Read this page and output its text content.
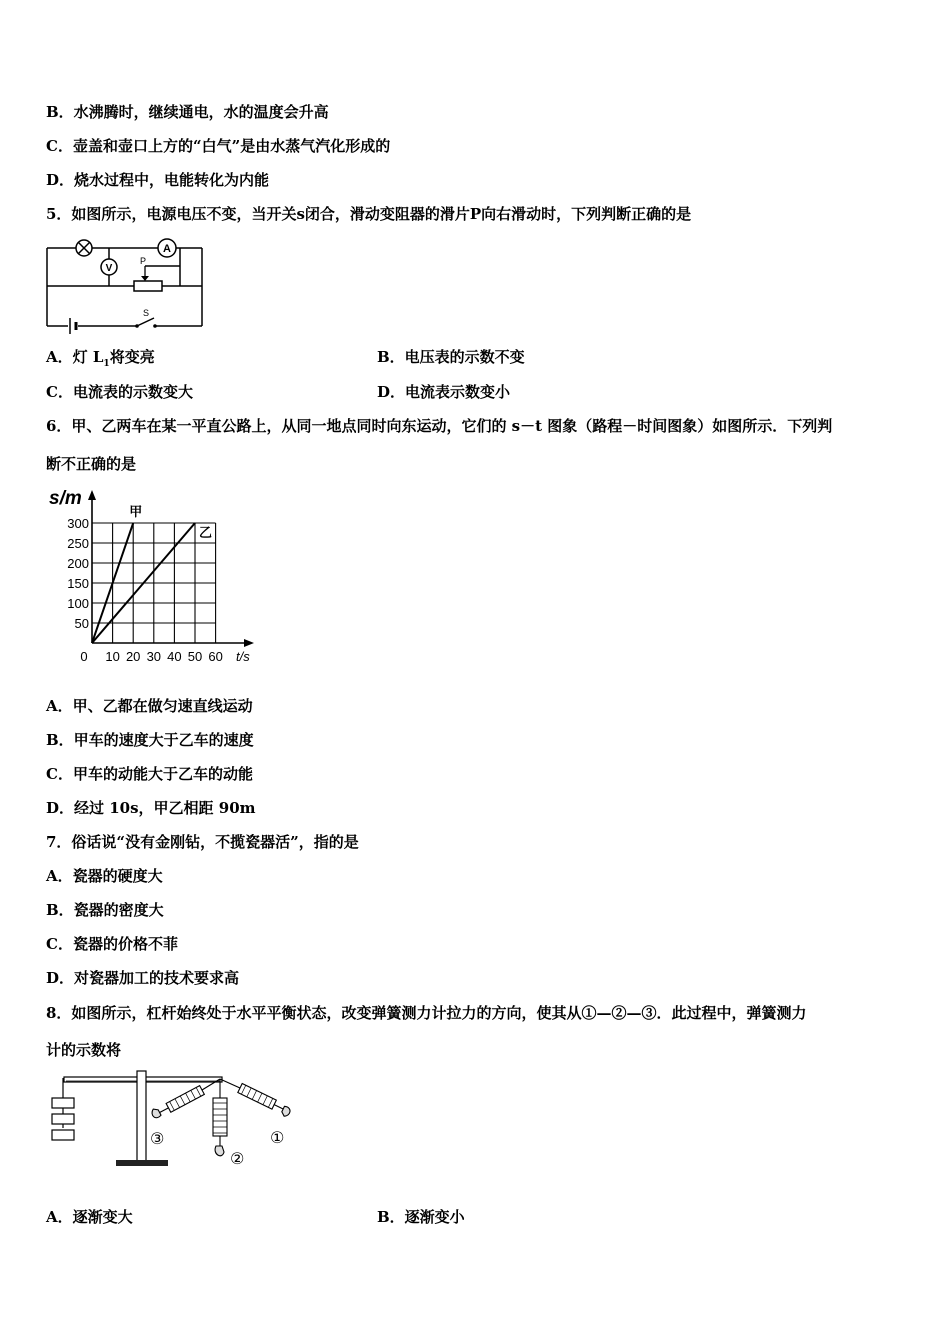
B．水沸腾时，继续通电，水的温度会升高
C．壶盖和壶口上方的“白气”是由水蒸气汽化形成的
D．烧水过程中，电能转化为内能
5．如图所示，电源电压不变，当开关s闭合，滑动变阻器的滑片P向右滑动时，下列判断正确的是
A
V
P
S
A．灯 $L_1$将变亮	B．电压表的示数不变
C．电流表的示数变大	D．电流表示数变小
6．甲、乙两车在某一平直公路上，从同一地点同时向东运动，它们的 s－t 图象（路程－时间图象）如图所示．下列判
断不正确的是
s/m
t/s
0 10 20 30 40 50 60
50
100
150
200
250
300
甲
乙
A．甲、乙都在做匀速直线运动
B．甲车的速度大于乙车的速度
C．甲车的动能大于乙车的动能
D．经过 10s，甲乙相距 90m
7．俗话说“没有金刚钻，不揽瓷器活”，指的是
A．瓷器的硬度大
B．瓷器的密度大
C．瓷器的价格不菲
D．对瓷器加工的技术要求高
8．如图所示，杠杆始终处于水平平衡状态，改变弹簧测力计拉力的方向，使其从①—②—③．此过程中，弹簧测力
计的示数将
①
②
③
A．逐渐变大	B．逐渐变小
